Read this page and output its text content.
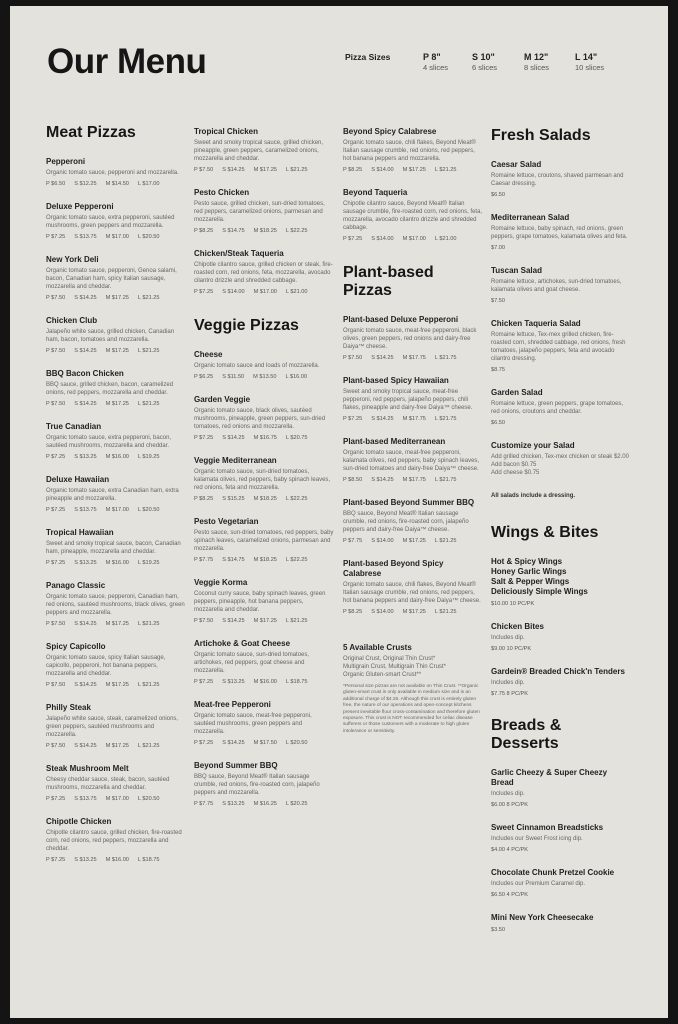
Our Menu	Pizza Sizes	P 8"
4 slices
S 10"
6 slices
M 12"
8 slices
L 14"
10 slices
Meat Pizzas
Pepperoni
Organic tomato sauce, pepperoni and mozzarella.
P $6.50 S $12.25 M $14.50 L $17.00
Deluxe Pepperoni
Organic tomato sauce, extra pepperoni, sautéed mushrooms, green peppers and mozzarella.
P $7.25 S $13.75 M $17.00 L $20.50
New York Deli
Organic tomato sauce, pepperoni, Genoa salami, bacon, Canadian ham, spicy Italian sausage, mozzarella and cheddar.
P $7.50 S $14.25 M $17.25 L $21.25
Chicken Club
Jalapeño white sauce, grilled chicken, Canadian ham, bacon, tomatoes and mozzarella.
P $7.50 S $14.25 M $17.25 L $21.25
BBQ Bacon Chicken
BBQ sauce, grilled chicken, bacon, caramelized onions, red peppers, mozzarella and cheddar.
P $7.50 S $14.25 M $17.25 L $21.25
True Canadian
Organic tomato sauce, extra pepperoni, bacon, sautéed mushrooms, mozzarella and cheddar.
P $7.25 S $13.25 M $16.00 L $19.25
Deluxe Hawaiian
Organic tomato sauce, extra Canadian ham, extra pineapple and mozzarella.
P $7.25 S $13.75 M $17.00 L $20.50
Tropical Hawaiian
Sweet and smoky tropical sauce, bacon, Canadian ham, pineapple, mozzarella and cheddar.
P $7.25 S $13.25 M $16.00 L $19.25
Panago Classic
Organic tomato sauce, pepperoni, Canadian ham, red onions, sautéed mushrooms, black olives, green peppers and mozzarella.
P $7.50 S $14.25 M $17.25 L $21.25
Spicy Capicollo
Organic tomato sauce, spicy Italian sausage, capicollo, pepperoni, hot banana peppers, mozzarella and cheddar.
P $7.50 S $14.25 M $17.25 L $21.25
Philly Steak
Jalapeño white sauce, steak, caramelized onions, green peppers, sautéed mushrooms and mozzarella.
P $7.50 S $14.25 M $17.25 L $21.25
Steak Mushroom Melt
Cheesy cheddar sauce, steak, bacon, sautéed mushrooms, mozzarella and cheddar.
P $7.25 S $13.75 M $17.00 L $20.50
Chipotle Chicken
Chipotle cilantro sauce, grilled chicken, fire-roasted corn, red onions, red peppers, mozzarella and cheddar.
P $7.25 S $13.25 M $16.00 L $18.75
Tropical Chicken
Sweet and smoky tropical sauce, grilled chicken, pineapple, green peppers, caramelized onions, mozzarella and cheddar.
P $7.50 S $14.25 M $17.25 L $21.25
Pesto Chicken
Pesto sauce, grilled chicken, sun-dried tomatoes, red peppers, caramelized onions, parmesan and mozzarella.
P $8.25 S $14.75 M $18.25 L $22.25
Chicken/Steak Taqueria
Chipotle cilantro sauce, grilled chicken or steak, fire-roasted corn, red onions, feta, mozzarella, avocado cilantro drizzle and shredded cabbage.
P $7.25 S $14.00 M $17.00 L $21.00
Veggie Pizzas
Cheese
Organic tomato sauce and loads of mozzarella.
P $6.25 S $11.50 M $13.50 L $16.00
Garden Veggie
Organic tomato sauce, black olives, sautéed mushrooms, pineapple, green peppers, sun-dried tomatoes, red onions and mozzarella.
P $7.25 S $14.25 M $16.75 L $20.75
Veggie Mediterranean
Organic tomato sauce, sun-dried tomatoes, kalamata olives, red peppers, baby spinach leaves, red onions, feta and mozzarella.
P $8.25 S $15.25 M $18.25 L $22.25
Pesto Vegetarian
Pesto sauce, sun-dried tomatoes, red peppers, baby spinach leaves, caramelized onions, parmesan and mozzarella.
P $7.75 S $14.75 M $18.25 L $22.25
Veggie Korma
Coconut curry sauce, baby spinach leaves, green peppers, pineapple, hot banana peppers, mozzarella and cheddar.
P $7.50 S $14.25 M $17.25 L $21.25
Artichoke & Goat Cheese
Organic tomato sauce, sun-dried tomatoes, artichokes, red peppers, goat cheese and mozzarella.
P $7.25 S $13.25 M $16.00 L $18.75
Meat-free Pepperoni
Organic tomato sauce, meat-free pepperoni, sautéed mushrooms, green peppers and mozzarella.
P $7.25 S $14.25 M $17.50 L $20.50
Beyond Summer BBQ
BBQ sauce, Beyond Meat® Italian sausage crumble, red onions, fire-roasted corn, jalapeño peppers and mozzarella.
P $7.75 S $13.25 M $16.25 L $20.25
Beyond Spicy Calabrese
Organic tomato sauce, chili flakes, Beyond Meat® Italian sausage crumble, red onions, red peppers, hot banana peppers and mozzarella.
P $8.25 S $14.00 M $17.25 L $21.25
Beyond Taqueria
Chipotle cilantro sauce, Beyond Meat® Italian sausage crumble, fire-roasted corn, red onions, feta, mozzarella, avocado cilantro drizzle and shredded cabbage.
P $7.25 S $14.00 M $17.00 L $21.00
Plant-based Pizzas
Plant-based Deluxe Pepperoni
Organic tomato sauce, meat-free pepperoni, black olives, green peppers, red onions and dairy-free Daiya™ cheese.
P $7.50 S $14.25 M $17.75 L $21.75
Plant-based Spicy Hawaiian
Sweet and smoky tropical sauce, meat-free pepperoni, red peppers, jalapeño peppers, chili flakes, pineapple and dairy-free Daiya™ cheese.
P $7.25 S $14.25 M $17.75 L $21.75
Plant-based Mediterranean
Organic tomato sauce, meat-free pepperoni, kalamata olives, red peppers, baby spinach leaves, sun-dried tomatoes and dairy-free Daiya™ cheese.
P $8.50 S $14.25 M $17.75 L $21.75
Plant-based Beyond Summer BBQ
BBQ sauce, Beyond Meat® Italian sausage crumble, red onions, fire-roasted corn, jalapeño peppers and dairy-free Daiya™ cheese.
P $7.75 S $14.00 M $17.25 L $21.25
Plant-based Beyond Spicy Calabrese
Organic tomato sauce, chili flakes, Beyond Meat® Italian sausage crumble, red onions, red peppers, hot banana peppers and dairy-free Daiya™ cheese.
P $8.25 S $14.00 M $17.25 L $21.25
5 Available Crusts
Original Crust, Original Thin Crust*
Multigrain Crust, Multigrain Thin Crust*
Organic Gluten-smart Crust**
*Personal size pizzas are not available on Thin Crust. **Organic gluten-smart crust is only available in medium size and is an additional charge of $4.25. Although this crust is entirely gluten free, the nature of our operations and open-concept kitchens present inevitable flour cross-contamination and therefore gluten exposure. This crust is NOT recommended for celiac disease sufferers or those customers with a moderate to high gluten intolerance or sensitivity.
Fresh Salads
Caesar Salad
Romaine lettuce, croutons, shaved parmesan and Caesar dressing.
$6.50
Mediterranean Salad
Romaine lettuce, baby spinach, red onions, green peppers, grape tomatoes, kalamata olives and feta.
$7.00
Tuscan Salad
Romaine lettuce, artichokes, sun-dried tomatoes, kalamata olives and goat cheese.
$7.50
Chicken Taqueria Salad
Romaine lettuce, Tex-mex grilled chicken, fire-roasted corn, shredded cabbage, red onions, fresh tomatoes, jalapeño peppers, feta and avocado cilantro dressing.
$8.75
Garden Salad
Romaine lettuce, green peppers, grape tomatoes, red onions, croutons and cheddar.
$6.50
Customize your Salad
Add grilled chicken, Tex-mex chicken or steak $2.00
Add bacon $0.75
Add cheese $0.75
All salads include a dressing.
Wings & Bites
Hot & Spicy Wings
Honey Garlic Wings
Salt & Pepper Wings
Deliciously Simple Wings
$10.00 10 PC/PK
Chicken Bites
Includes dip.
$9.00 10 PC/PK
Gardein® Breaded Chick'n Tenders
Includes dip.
$7.75 8 PC/PK
Breads & Desserts
Garlic Cheezy & Super Cheezy Bread
Includes dip.
$6.00 8 PC/PK
Sweet Cinnamon Breadsticks
Includes our Sweet Frost icing dip.
$4.00 4 PC/PK
Chocolate Chunk Pretzel Cookie
Includes our Premium Caramel dip.
$6.50 4 PC/PK
Mini New York Cheesecake
$3.50
